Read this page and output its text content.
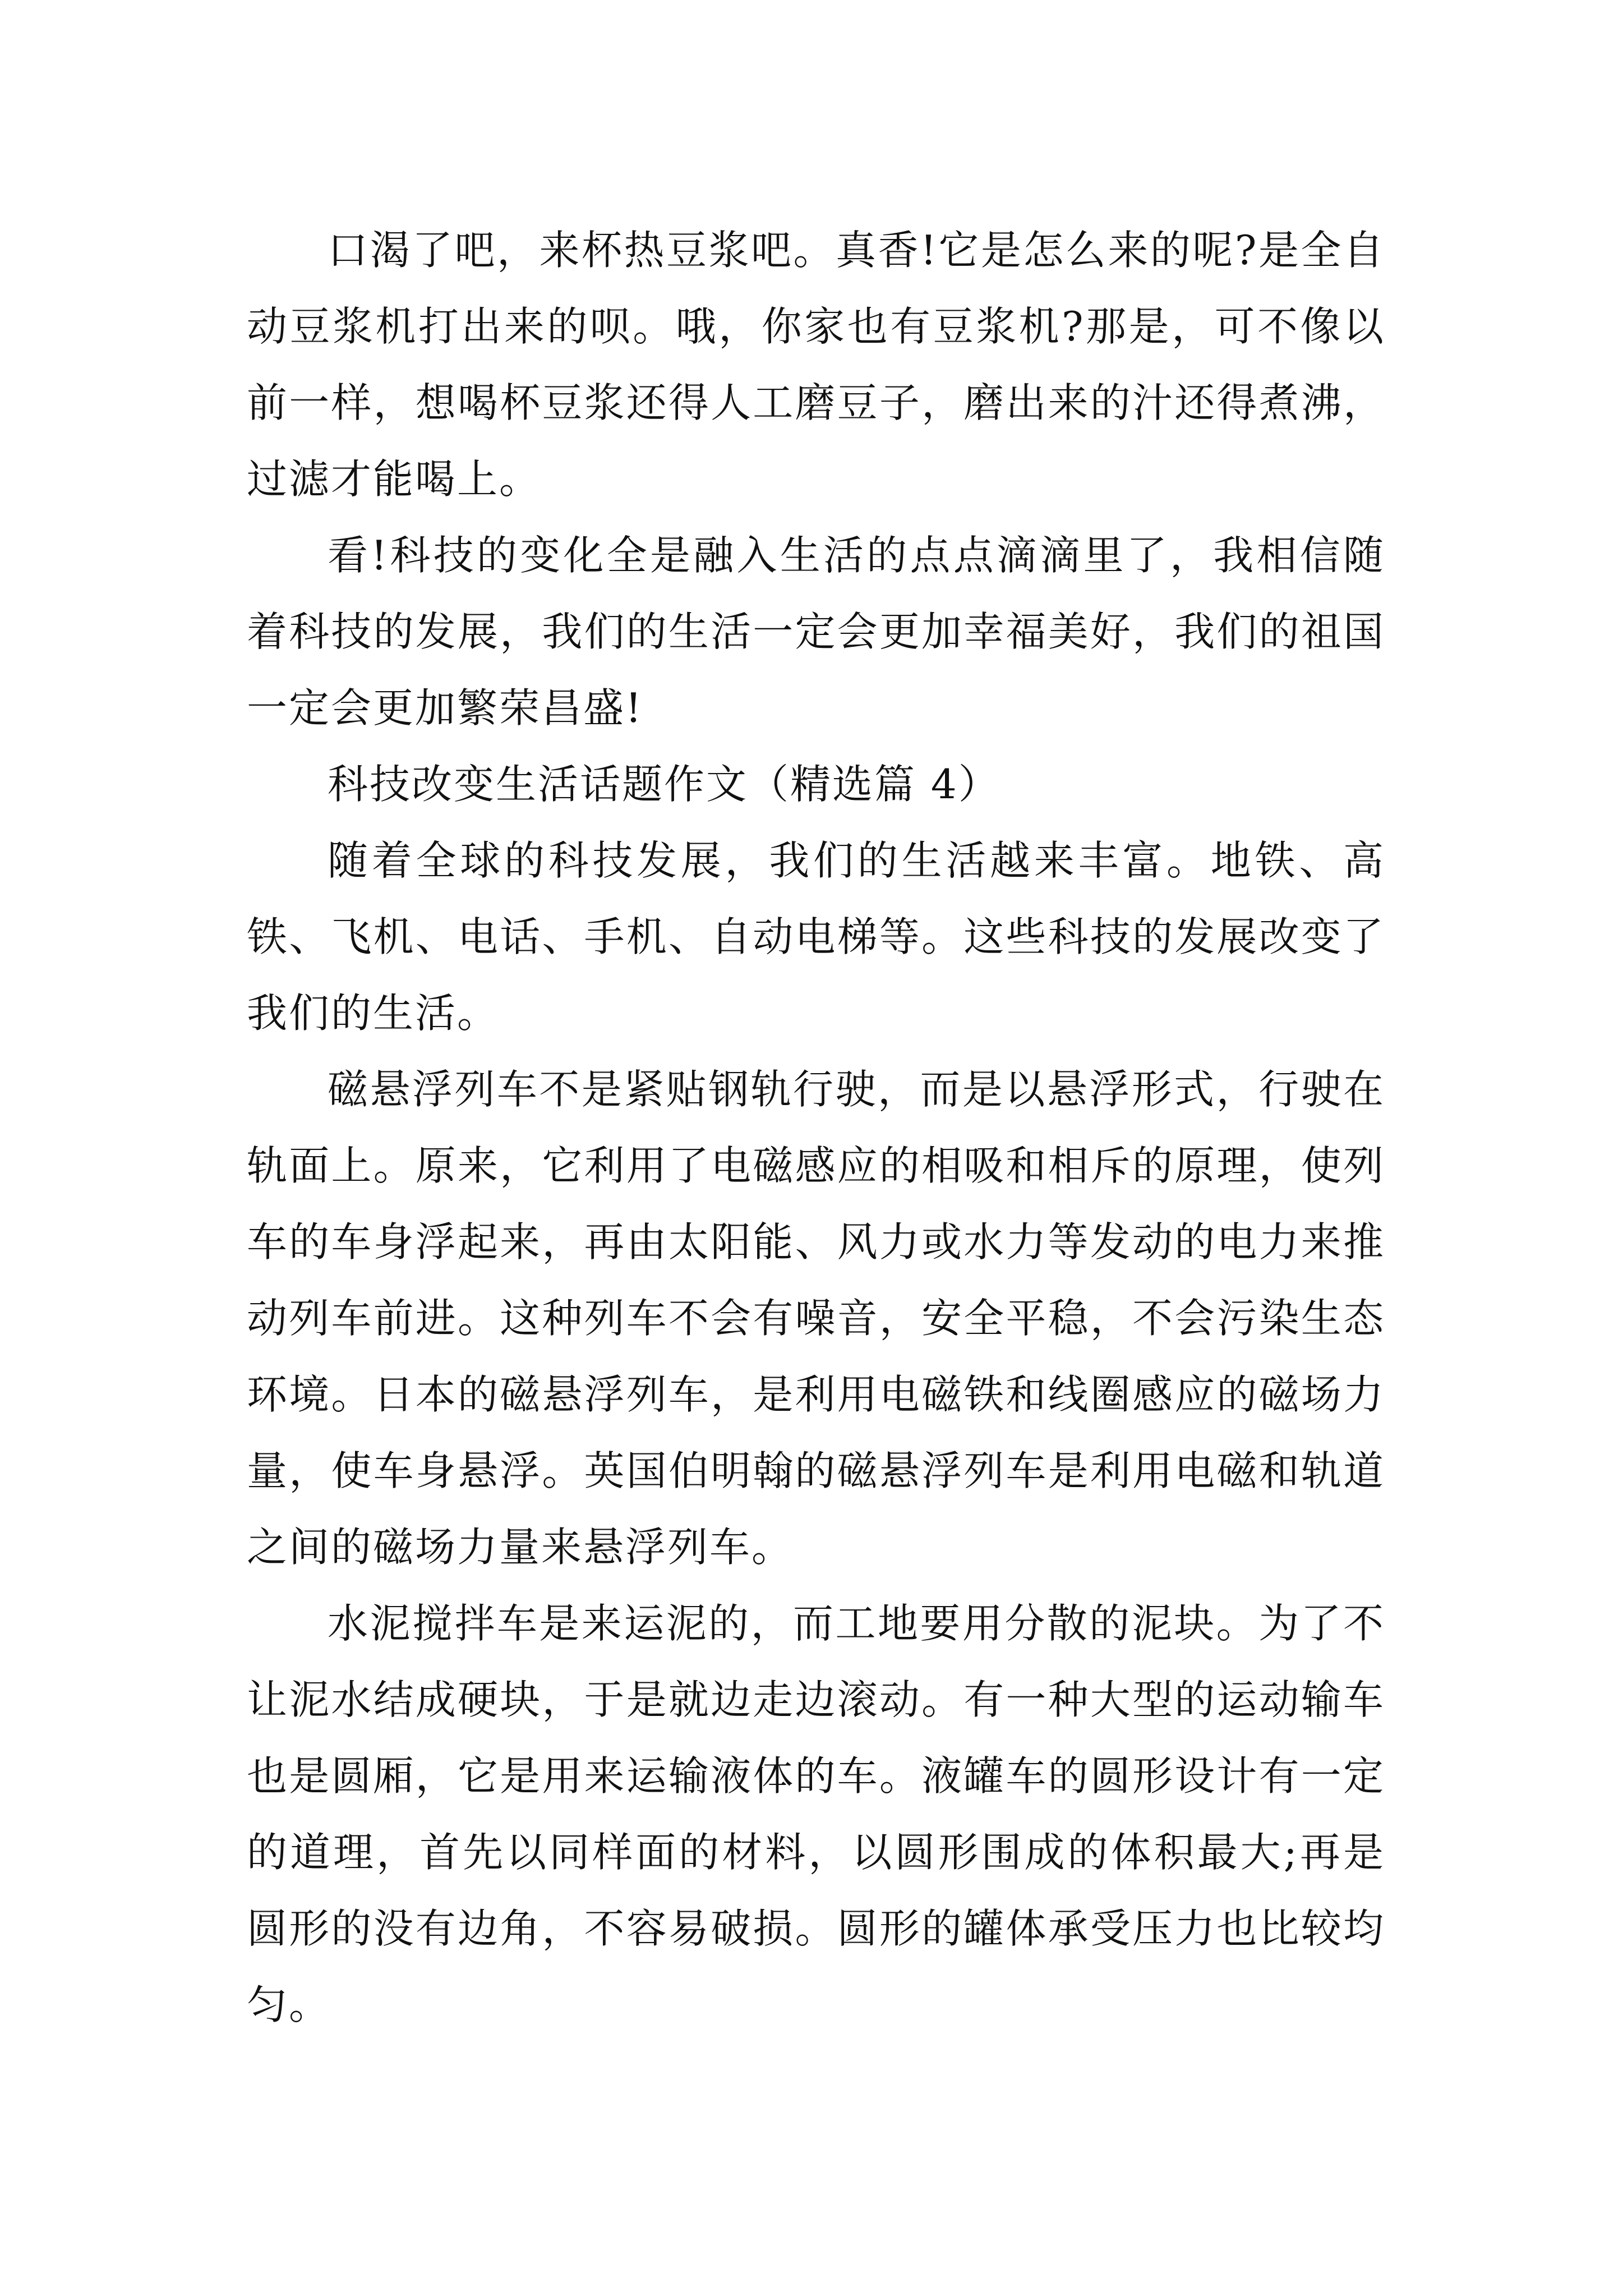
口渴了吧，来杯热豆浆吧。真香!它是怎么来的呢?是全自动豆浆机打出来的呗。哦，你家也有豆浆机?那是，可不像以前一样，想喝杯豆浆还得人工磨豆子，磨出来的汁还得煮沸，过滤才能喝上。

看!科技的变化全是融入生活的点点滴滴里了，我相信随着科技的发展，我们的生活一定会更加幸福美好，我们的祖国一定会更加繁荣昌盛!

科技改变生活话题作文（精选篇 4）

随着全球的科技发展，我们的生活越来丰富。地铁、高铁、飞机、电话、手机、自动电梯等。这些科技的发展改变了我们的生活。

磁悬浮列车不是紧贴钢轨行驶，而是以悬浮形式，行驶在轨面上。原来，它利用了电磁感应的相吸和相斥的原理，使列车的车身浮起来，再由太阳能、风力或水力等发动的电力来推动列车前进。这种列车不会有噪音，安全平稳，不会污染生态环境。日本的磁悬浮列车，是利用电磁铁和线圈感应的磁场力量，使车身悬浮。英国伯明翰的磁悬浮列车是利用电磁和轨道之间的磁场力量来悬浮列车。

水泥搅拌车是来运泥的，而工地要用分散的泥块。为了不让泥水结成硬块，于是就边走边滚动。有一种大型的运动输车也是圆厢，它是用来运输液体的车。液罐车的圆形设计有一定的道理，首先以同样面的材料，以圆形围成的体积最大;再是圆形的没有边角，不容易破损。圆形的罐体承受压力也比较均匀。
